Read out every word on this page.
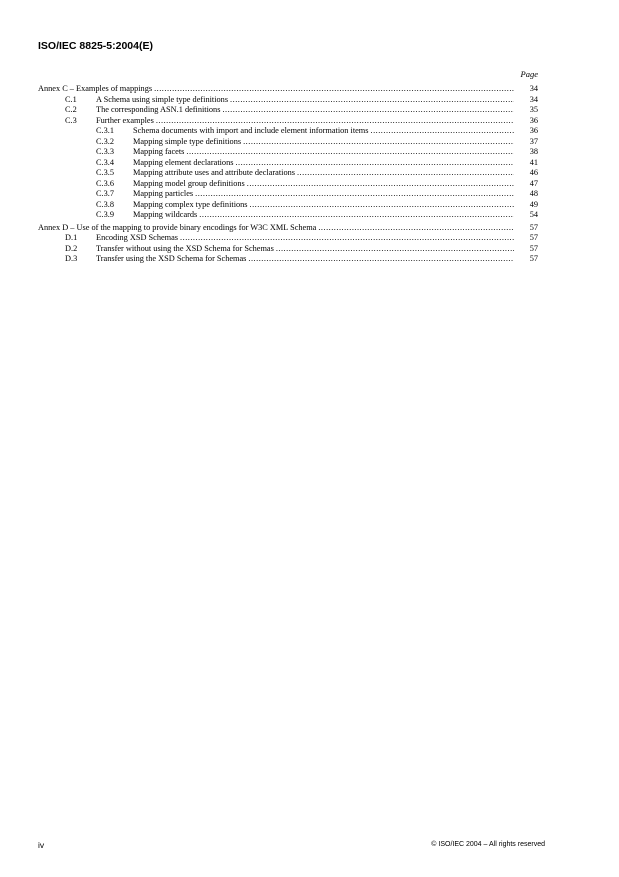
ISO/IEC 8825-5:2004(E)
Page
Annex C – Examples of mappings .....	34
C.1	A Schema using simple type definitions .....	34
C.2	The corresponding ASN.1 definitions .....	35
C.3	Further examples .....	36
C.3.1	Schema documents with import and include element information items .....	36
C.3.2	Mapping simple type definitions .....	37
C.3.3	Mapping facets .....	38
C.3.4	Mapping element declarations .....	41
C.3.5	Mapping attribute uses and attribute declarations .....	46
C.3.6	Mapping model group definitions .....	47
C.3.7	Mapping particles .....	48
C.3.8	Mapping complex type definitions .....	49
C.3.9	Mapping wildcards .....	54
Annex D – Use of the mapping to provide binary encodings for W3C XML Schema .....	57
D.1	Encoding XSD Schemas .....	57
D.2	Transfer without using the XSD Schema for Schemas .....	57
D.3	Transfer using the XSD Schema for Schemas .....	57
iv	© ISO/IEC 2004 – All rights reserved
